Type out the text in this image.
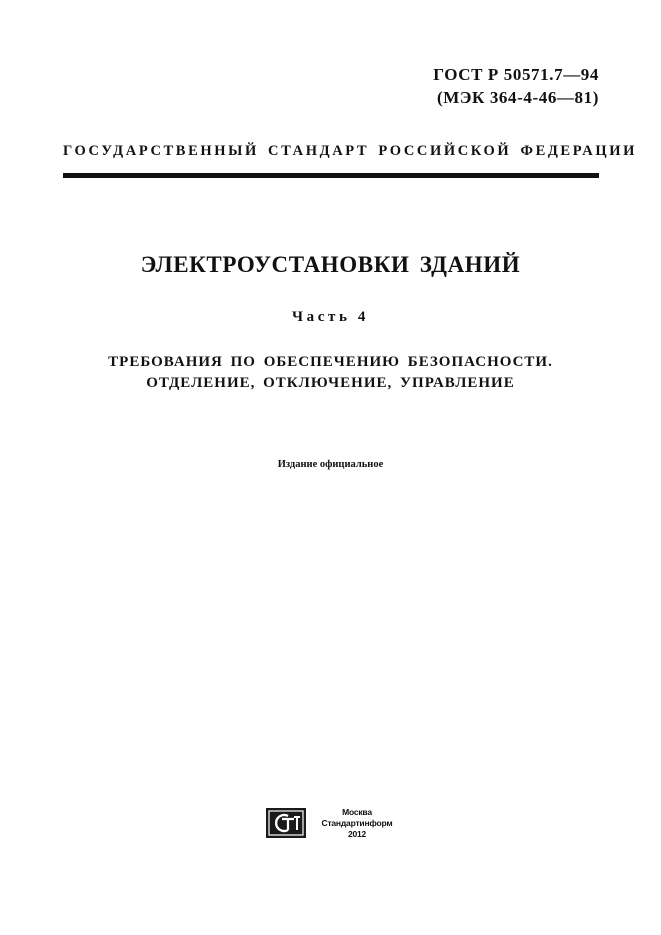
ГОСТ Р 50571.7—94
(МЭК 364-4-46—81)
ГОСУДАРСТВЕННЫЙ СТАНДАРТ РОССИЙСКОЙ ФЕДЕРАЦИИ
ЭЛЕКТРОУСТАНОВКИ ЗДАНИЙ
Часть 4
ТРЕБОВАНИЯ ПО ОБЕСПЕЧЕНИЮ БЕЗОПАСНОСТИ.
ОТДЕЛЕНИЕ, ОТКЛЮЧЕНИЕ, УПРАВЛЕНИЕ
Издание официальное
Москва
Стандартинформ
2012
